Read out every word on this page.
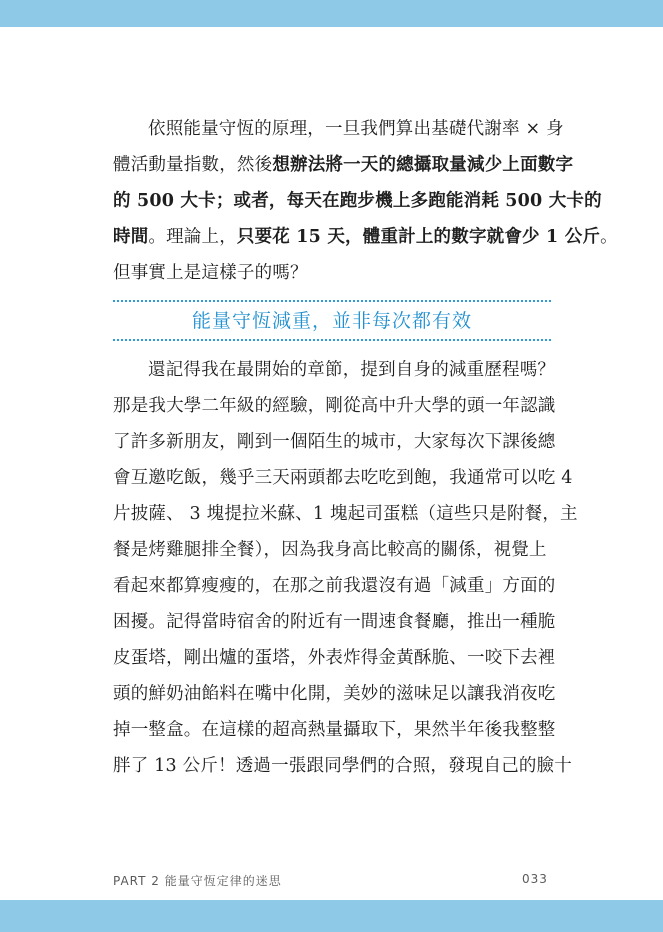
依照能量守恆的原理，一旦我們算出基礎代謝率 × 身
體活動量指數，然後想辦法將一天的總攝取量減少上面數字
的 500 大卡；或者，每天在跑步機上多跑能消耗 500 大卡的
時間。理論上，只要花 15 天，體重計上的數字就會少 1 公斤。
但事實上是這樣子的嗎？
能量守恆減重，並非每次都有效
還記得我在最開始的章節，提到自身的減重歷程嗎？
那是我大學二年級的經驗，剛從高中升大學的頭一年認識
了許多新朋友，剛到一個陌生的城市，大家每次下課後總
會互邀吃飯，幾乎三天兩頭都去吃吃到飽，我通常可以吃 4
片披薩、 3 塊提拉米蘇、1 塊起司蛋糕（這些只是附餐，主
餐是烤雞腿排全餐），因為我身高比較高的關係，視覺上
看起來都算瘦瘦的，在那之前我還沒有過「減重」方面的
困擾。記得當時宿舍的附近有一間速食餐廳，推出一種脆
皮蛋塔，剛出爐的蛋塔，外表炸得金黃酥脆、一咬下去裡
頭的鮮奶油餡料在嘴中化開，美妙的滋味足以讓我消夜吃
掉一整盒。在這樣的超高熱量攝取下，果然半年後我整整
胖了 13 公斤！透過一張跟同學們的合照，發現自己的臉十
PART 2 能量守恆定律的迷思	033
